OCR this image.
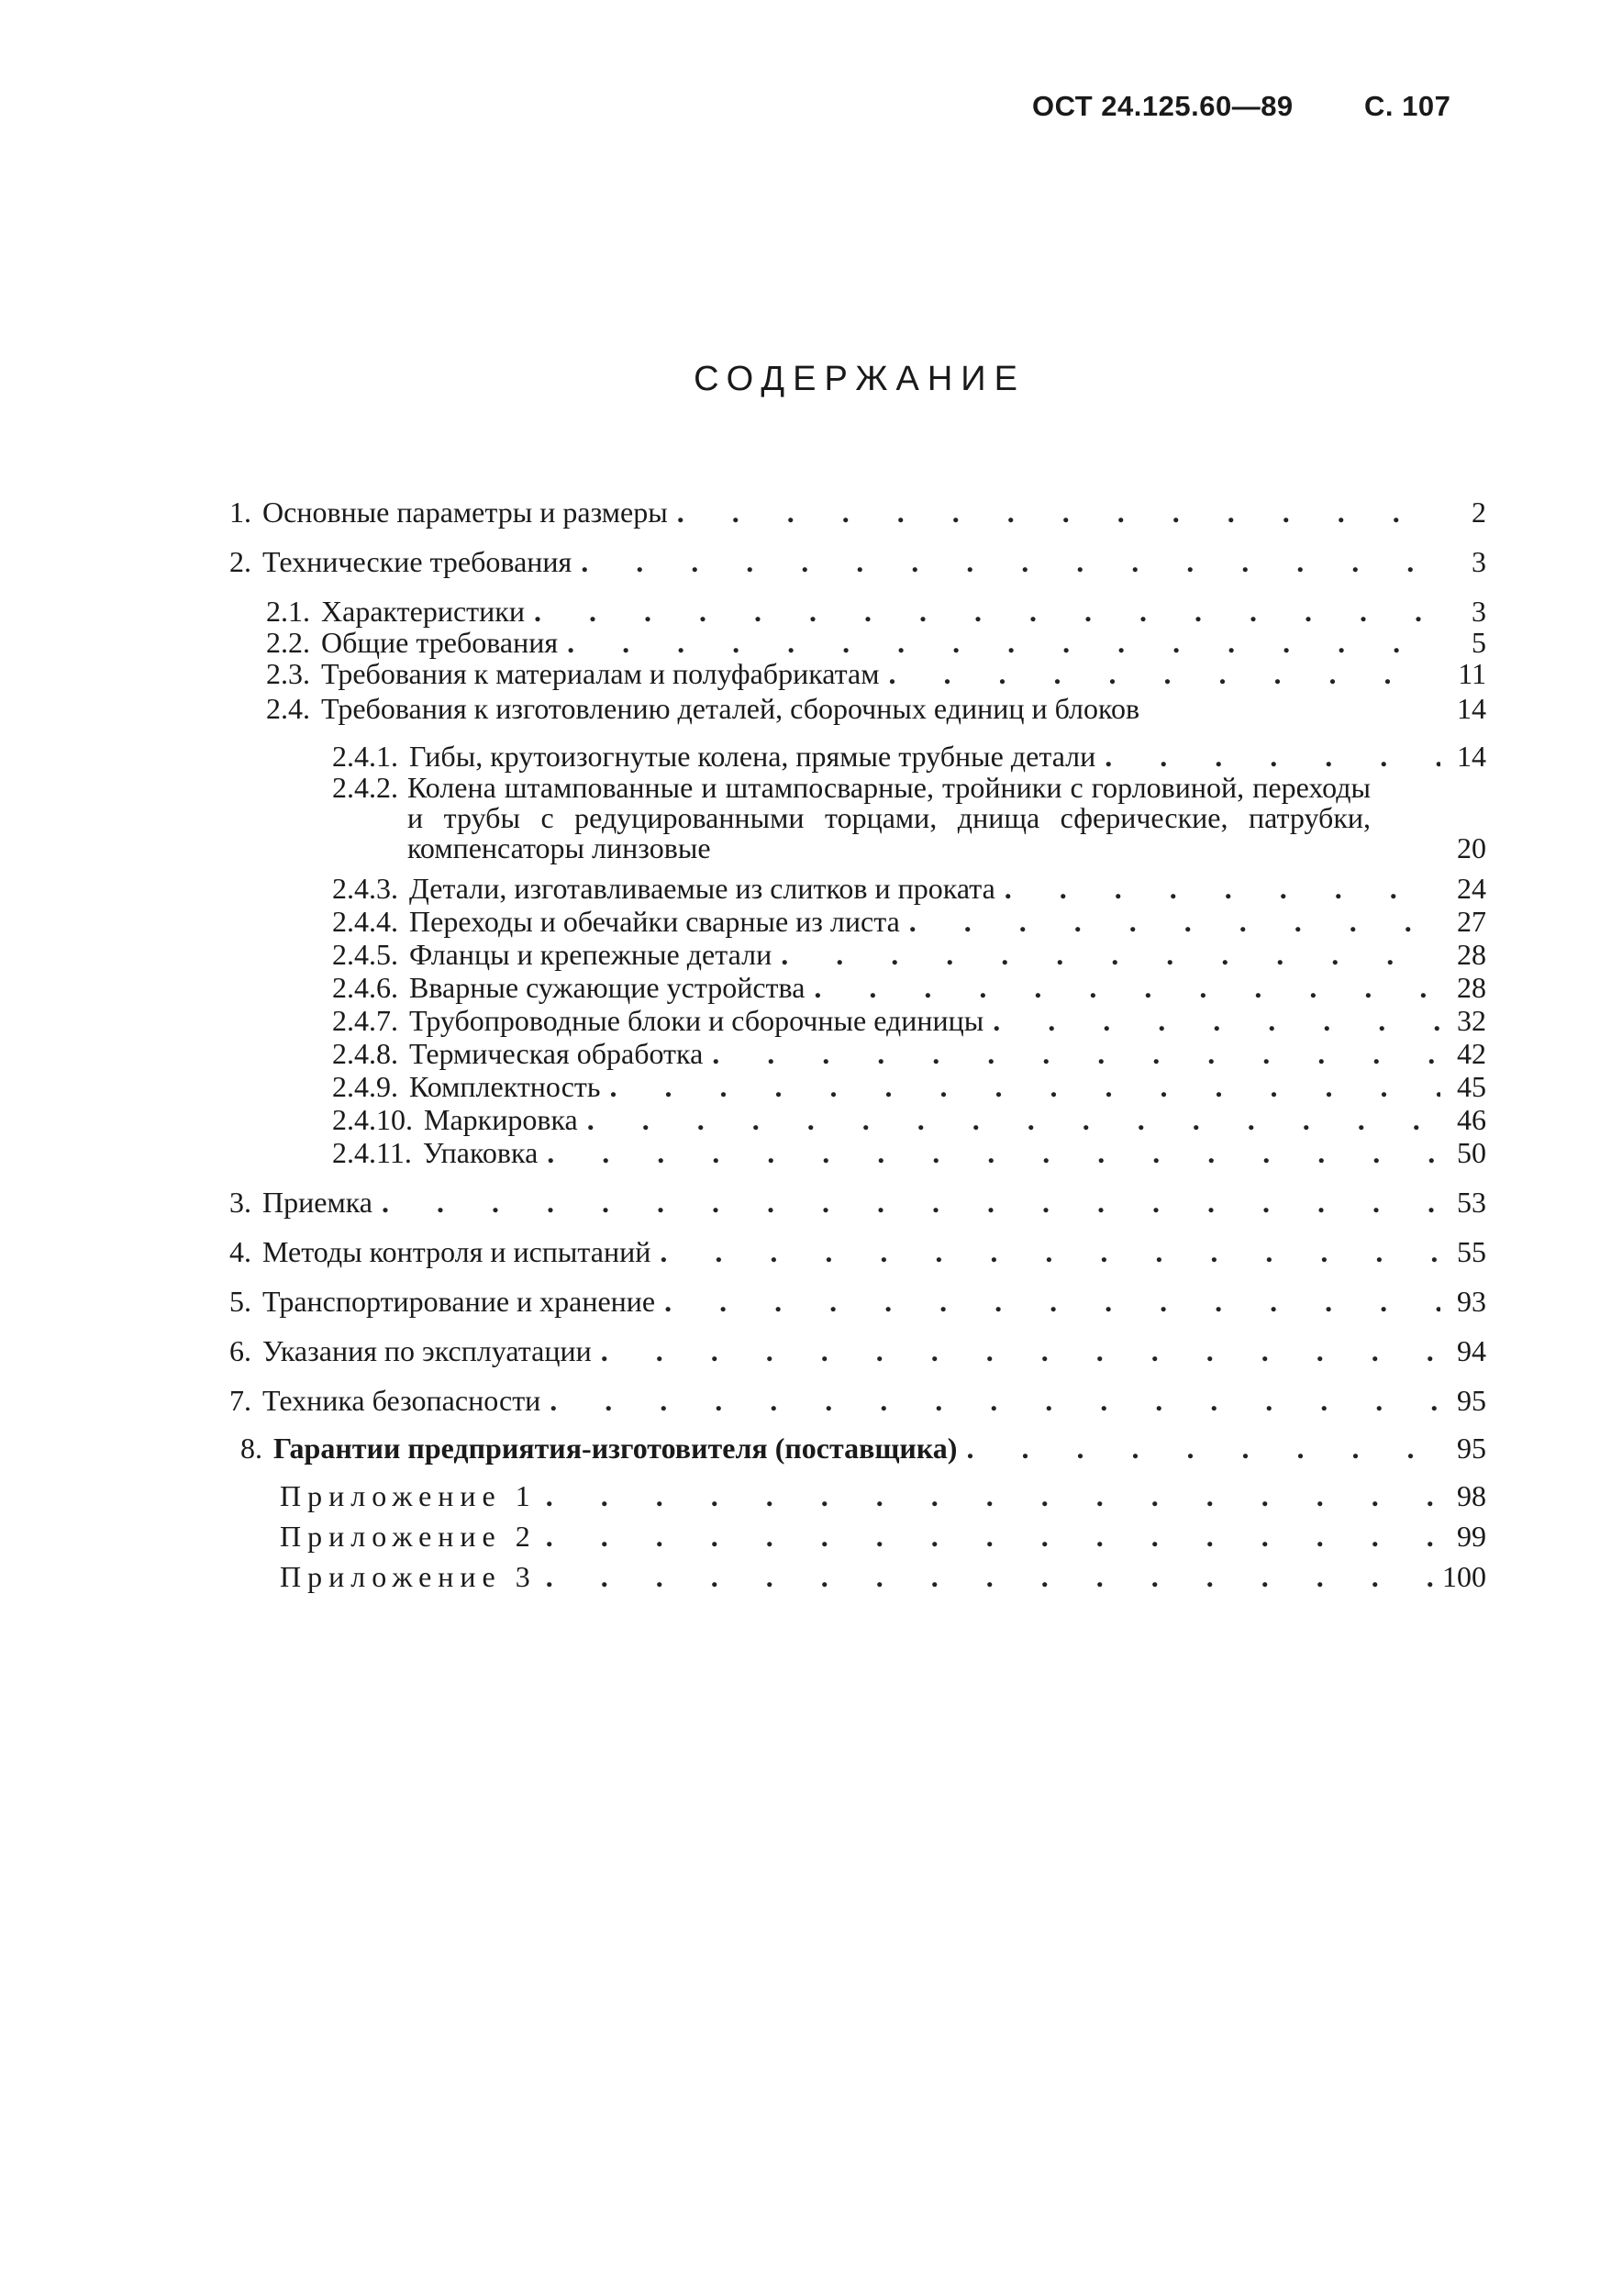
ОСТ 24.125.60—89 С. 107
СОДЕРЖАНИЕ
1. Основные параметры и размеры . . .	2
2. Технические требования . . .	3
2.1. Характеристики . . .	3
2.2. Общие требования . . .	5
2.3. Требования к материалам и полуфабрикатам . . .	11
2.4. Требования к изготовлению деталей, сборочных единиц и блоков	14
2.4.1. Гибы, крутоизогнутые колена, прямые трубные детали . . .	14
2.4.2. Колена штампованные и штампосварные, тройники с горловиной, переходы и трубы с редуцированными торцами, днища сферические, патрубки, компенсаторы линзовые	20
2.4.3. Детали, изготавливаемые из слитков и проката . . .	24
2.4.4. Переходы и обечайки сварные из листа . . .	27
2.4.5. Фланцы и крепежные детали . . .	28
2.4.6. Вварные сужающие устройства . . .	28
2.4.7. Трубопроводные блоки и сборочные единицы . . .	32
2.4.8. Термическая обработка . . .	42
2.4.9. Комплектность . . .	45
2.4.10. Маркировка . . .	46
2.4.11. Упаковка . . .	50
3. Приемка . . .	53
4. Методы контроля и испытаний . . .	55
5. Транспортирование и хранение . . .	93
6. Указания по эксплуатации . . .	94
7. Техника безопасности . . .	95
8. Гарантии предприятия-изготовителя (поставщика) . . .	95
Приложение 1 . . .	98
Приложение 2 . . .	99
Приложение 3 . . .	100
